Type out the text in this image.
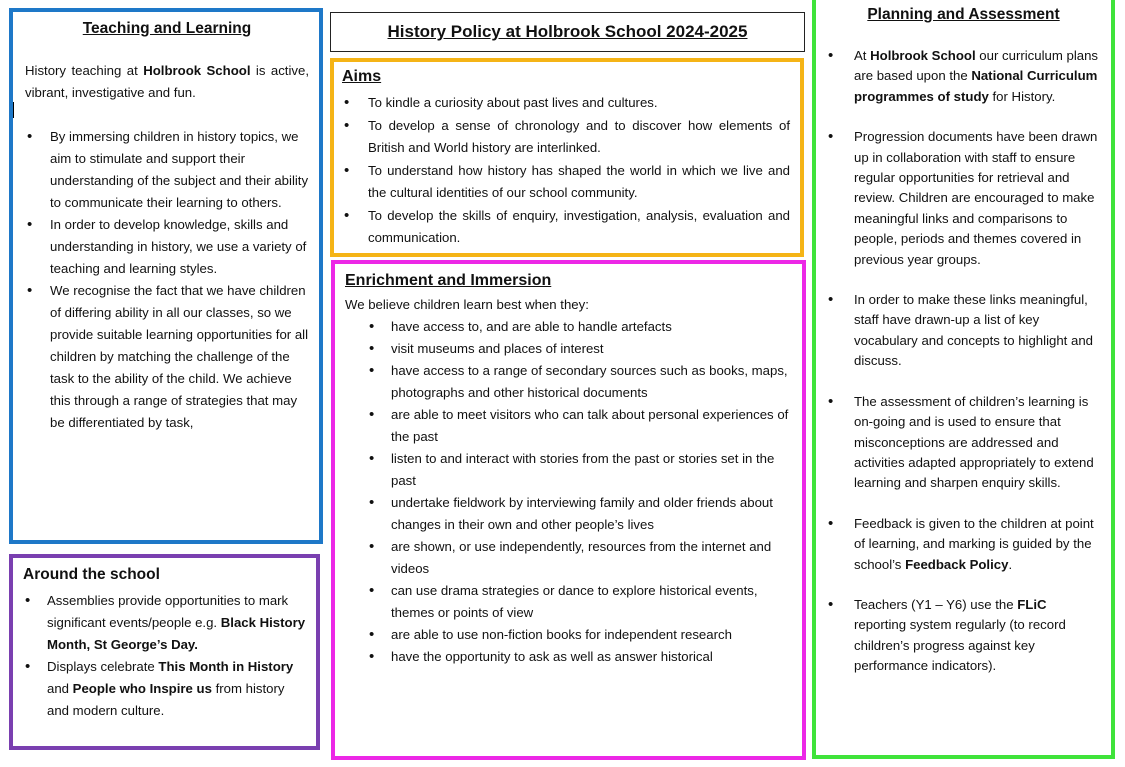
Teaching and Learning

History teaching at Holbrook School is active, vibrant, investigative and fun.

• By immersing children in history topics, we aim to stimulate and support their understanding of the subject and their ability to communicate their learning to others.
• In order to develop knowledge, skills and understanding in history, we use a variety of teaching and learning styles.
• We recognise the fact that we have children of differing ability in all our classes, so we provide suitable learning opportunities for all children by matching the challenge of the task to the ability of the child. We achieve this through a range of strategies that may be differentiated by task,
Around the school
• Assemblies provide opportunities to mark significant events/people e.g. Black History Month, St George’s Day.
• Displays celebrate This Month in History and People who Inspire us from history and modern culture.
History Policy at Holbrook School 2024-2025
Aims
• To kindle a curiosity about past lives and cultures.
• To develop a sense of chronology and to discover how elements of British and World history are interlinked.
• To understand how history has shaped the world in which we live and the cultural identities of our school community.
• To develop the skills of enquiry, investigation, analysis, evaluation and communication.
Enrichment and Immersion

We believe children learn best when they:

• have access to, and are able to handle artefacts
• visit museums and places of interest
• have access to a range of secondary sources such as books, maps, photographs and other historical documents
• are able to meet visitors who can talk about personal experiences of the past
• listen to and interact with stories from the past or stories set in the past
• undertake fieldwork by interviewing family and older friends about changes in their own and other people’s lives
• are shown, or use independently, resources from the internet and videos
• can use drama strategies or dance to explore historical events, themes or points of view
• are able to use non-fiction books for independent research
• have the opportunity to ask as well as answer historical
Planning and Assessment
• At Holbrook School our curriculum plans are based upon the National Curriculum programmes of study for History.
• Progression documents have been drawn up in collaboration with staff to ensure regular opportunities for retrieval and review. Children are encouraged to make meaningful links and comparisons to people, periods and themes covered in previous year groups.
• In order to make these links meaningful, staff have drawn-up a list of key vocabulary and concepts to highlight and discuss.
• The assessment of children’s learning is on-going and is used to ensure that misconceptions are addressed and activities adapted appropriately to extend learning and sharpen enquiry skills.
• Feedback is given to the children at point of learning, and marking is guided by the school’s Feedback Policy.
• Teachers (Y1 – Y6) use the FLiC reporting system regularly (to record children’s progress against key performance indicators).
